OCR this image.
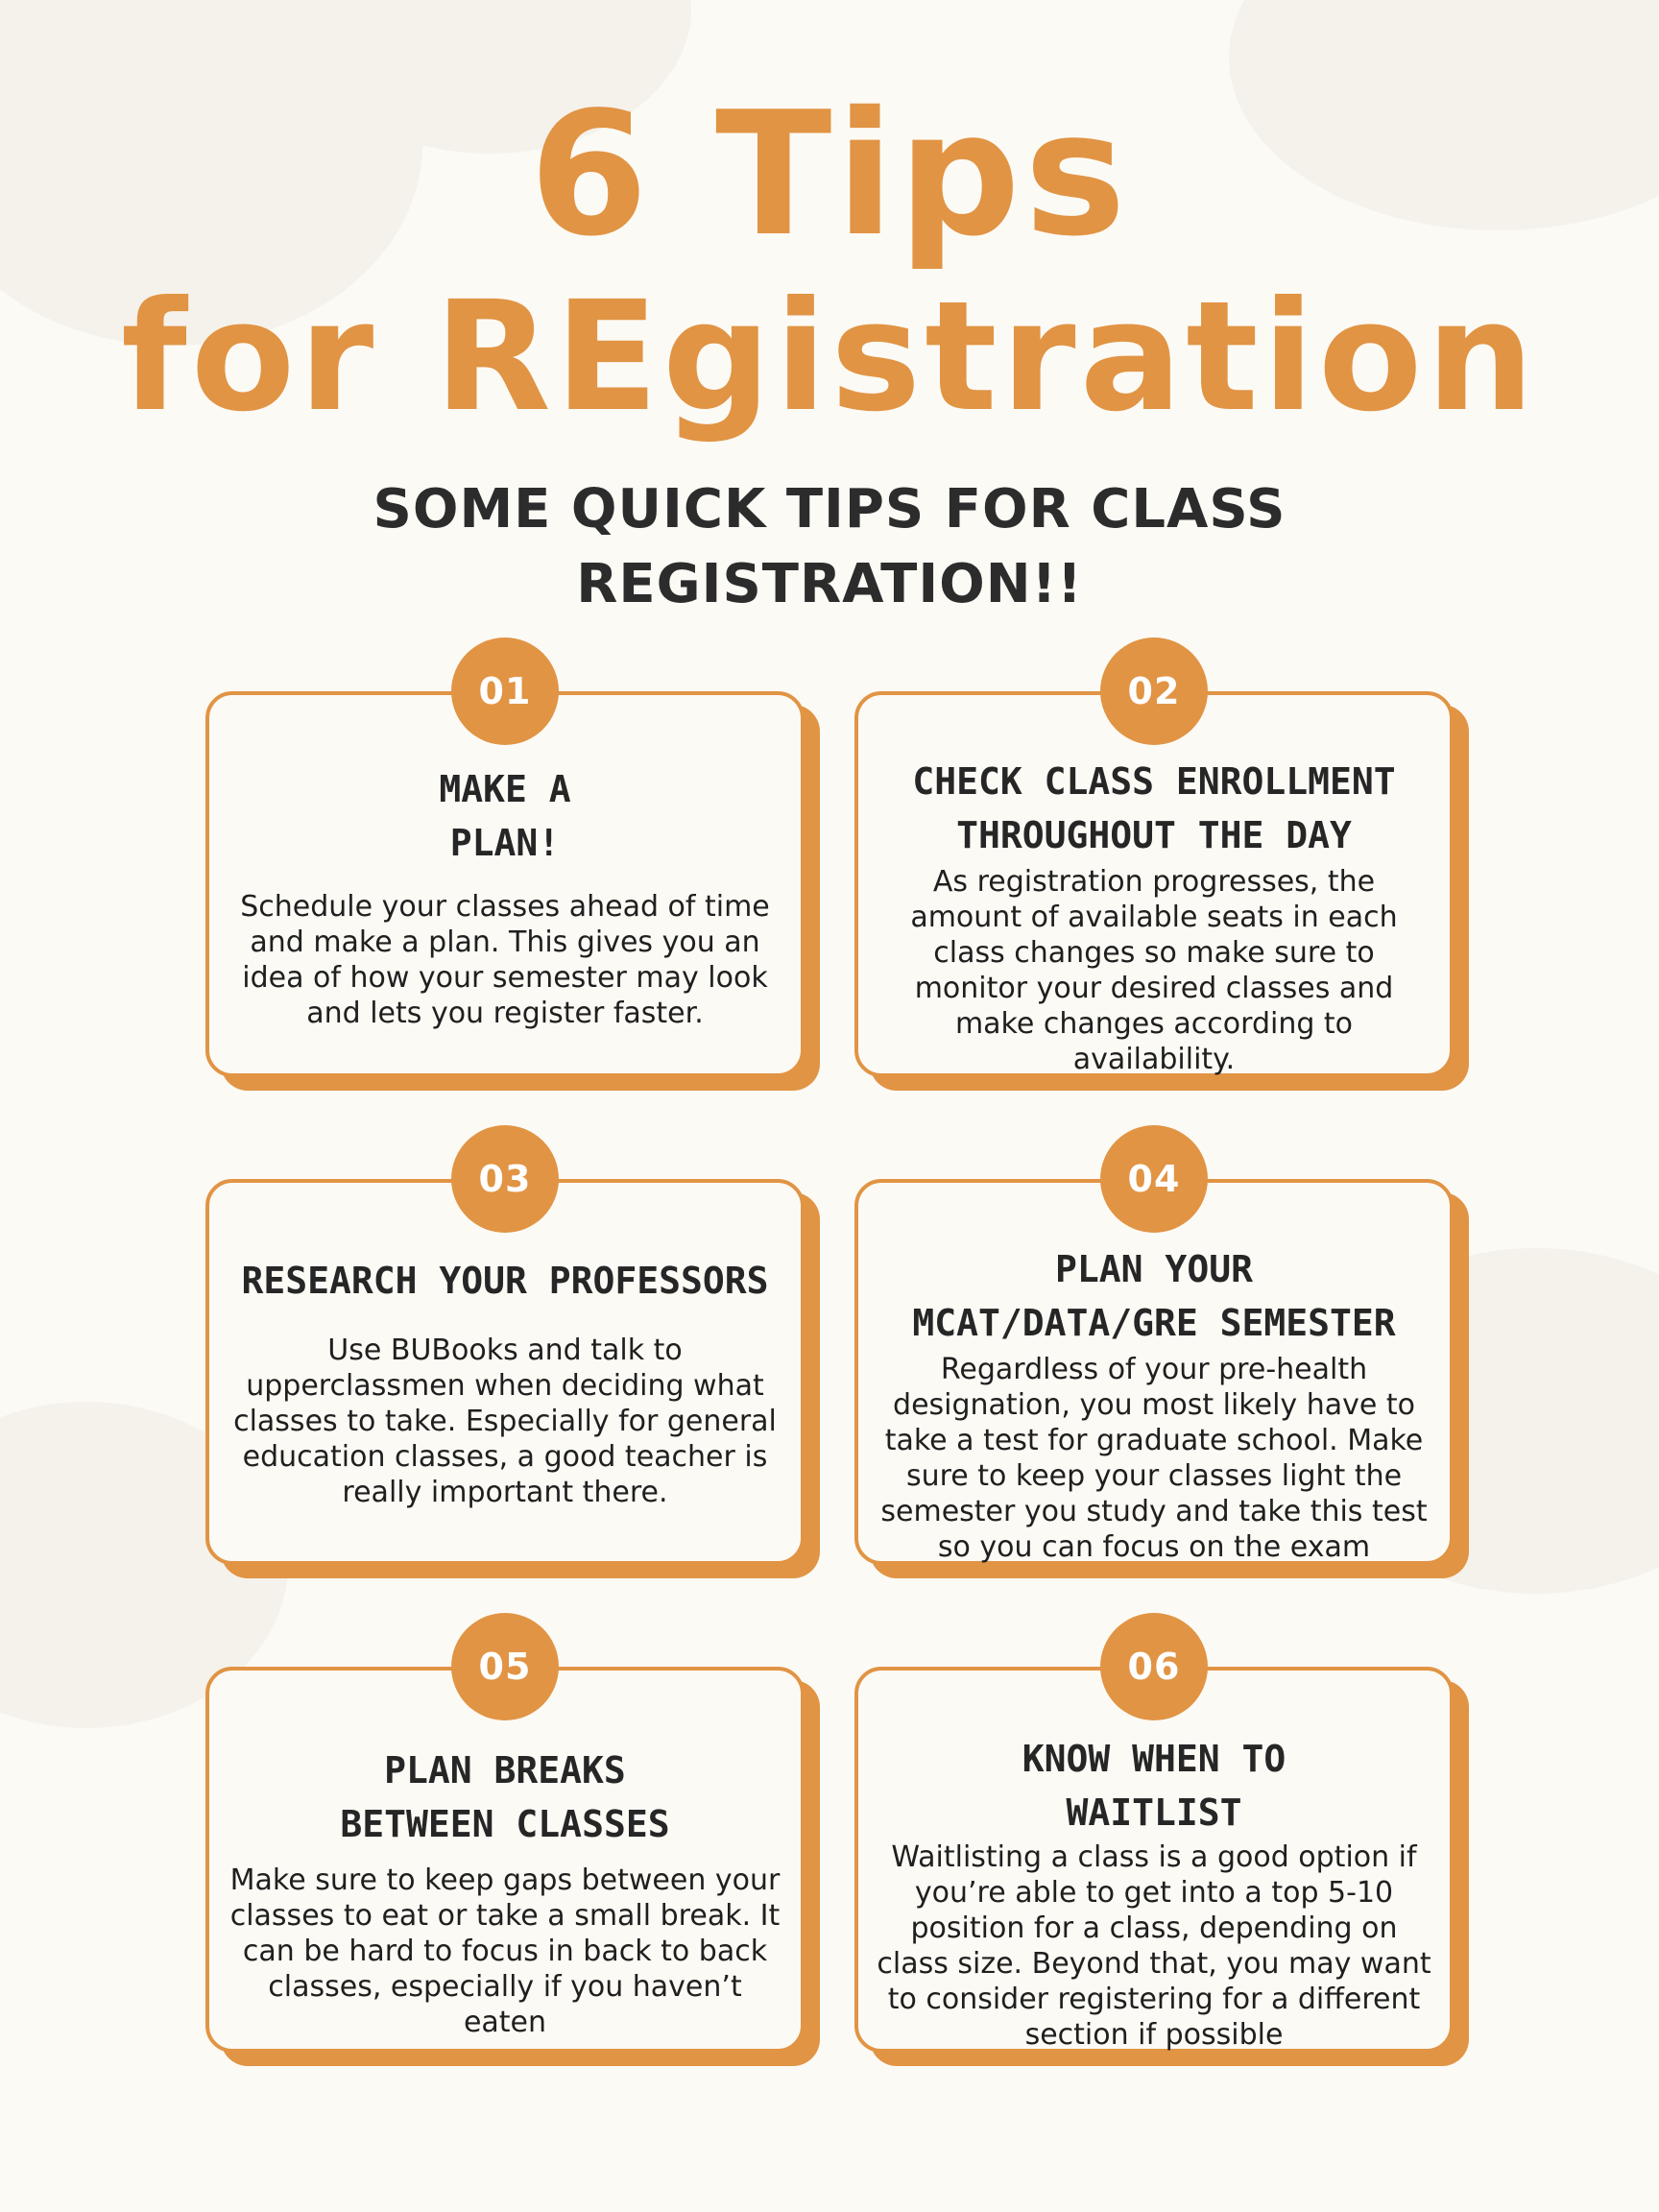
6 Tips
for REgistration
SOME QUICK TIPS FOR CLASS
REGISTRATION!!
MAKE A
PLAN!
Schedule your classes ahead of time and make a plan. This gives you an idea of how your semester may look and lets you register faster.
01
CHECK CLASS ENROLLMENT
THROUGHOUT THE DAY
As registration progresses, the amount of available seats in each class changes so make sure to monitor your desired classes and make changes according to availability.
02
RESEARCH YOUR PROFESSORS
Use BUBooks and talk to upperclassmen when deciding what classes to take. Especially for general education classes, a good teacher is really important there.
03
PLAN YOUR
MCAT/DATA/GRE SEMESTER
Regardless of your pre-health designation, you most likely have to take a test for graduate school. Make sure to keep your classes light the semester you study and take this test so you can focus on the exam
04
PLAN BREAKS
BETWEEN CLASSES
Make sure to keep gaps between your classes to eat or take a small break. It can be hard to focus in back to back classes, especially if you haven’t eaten
05
KNOW WHEN TO
WAITLIST
Waitlisting a class is a good option if you’re able to get into a top 5-10 position for a class, depending on class size. Beyond that, you may want to consider registering for a different section if possible
06
